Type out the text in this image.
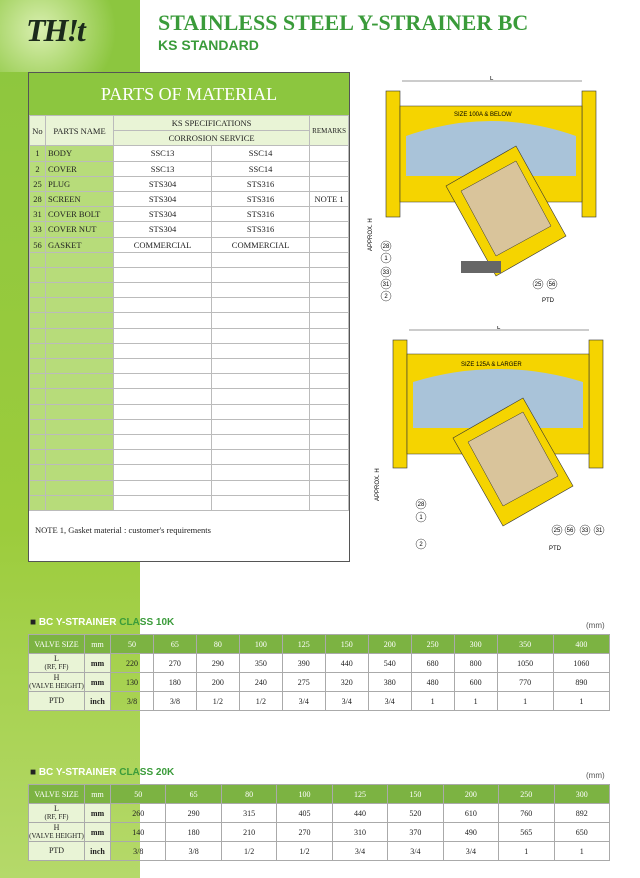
TH!t	STAINLESS STEEL Y-STRAINER BC
KS STANDARD
PARTS OF MATERIAL
No	PARTS NAME	KS SPECIFICATIONS		REMARKS
		CORROSION SERVICE		
1	BODY	SSC13	SSC14	
2	COVER	SSC13	SSC14	
25	PLUG	STS304	STS316	
28	SCREEN	STS304	STS316	NOTE 1
31	COVER BOLT	STS304	STS316	
33	COVER NUT	STS304	STS316	
56	GASKET	COMMERCIAL	COMMERCIAL	

NOTE 1, Gasket material : customer's requirements
L
SIZE 100A & BELOW
APPROX. H
PTD
28
1
33
31
2
25 56
L
SIZE 125A & LARGER
APPROX. H
PTD
28
1
2
25 56 33 31
■ BC Y-STRAINER CLASS 10K	(mm)
VALVE SIZE	mm	50	65	80	100	125	150	200	250	300	350	400

L
(RF, FF)	mm	220	270	290	350	390	440	540	680	800	1050	1060

H
(VALVE HEIGHT)	mm	130	180	200	240	275	320	380	480	600	770	890

PTD	inch	3/8	3/8	1/2	1/2	3/4	3/4	3/4	1	1	1	1
■ BC Y-STRAINER CLASS 20K	(mm)
VALVE SIZE	mm	50	65	80	100	125	150	200	250	300

L
(RF, FF)	mm	260	290	315	405	440	520	610	760	892

H
(VALVE HEIGHT)	mm	140	180	210	270	310	370	490	565	650

PTD	inch	3/8	3/8	1/2	1/2	3/4	3/4	3/4	1	1
